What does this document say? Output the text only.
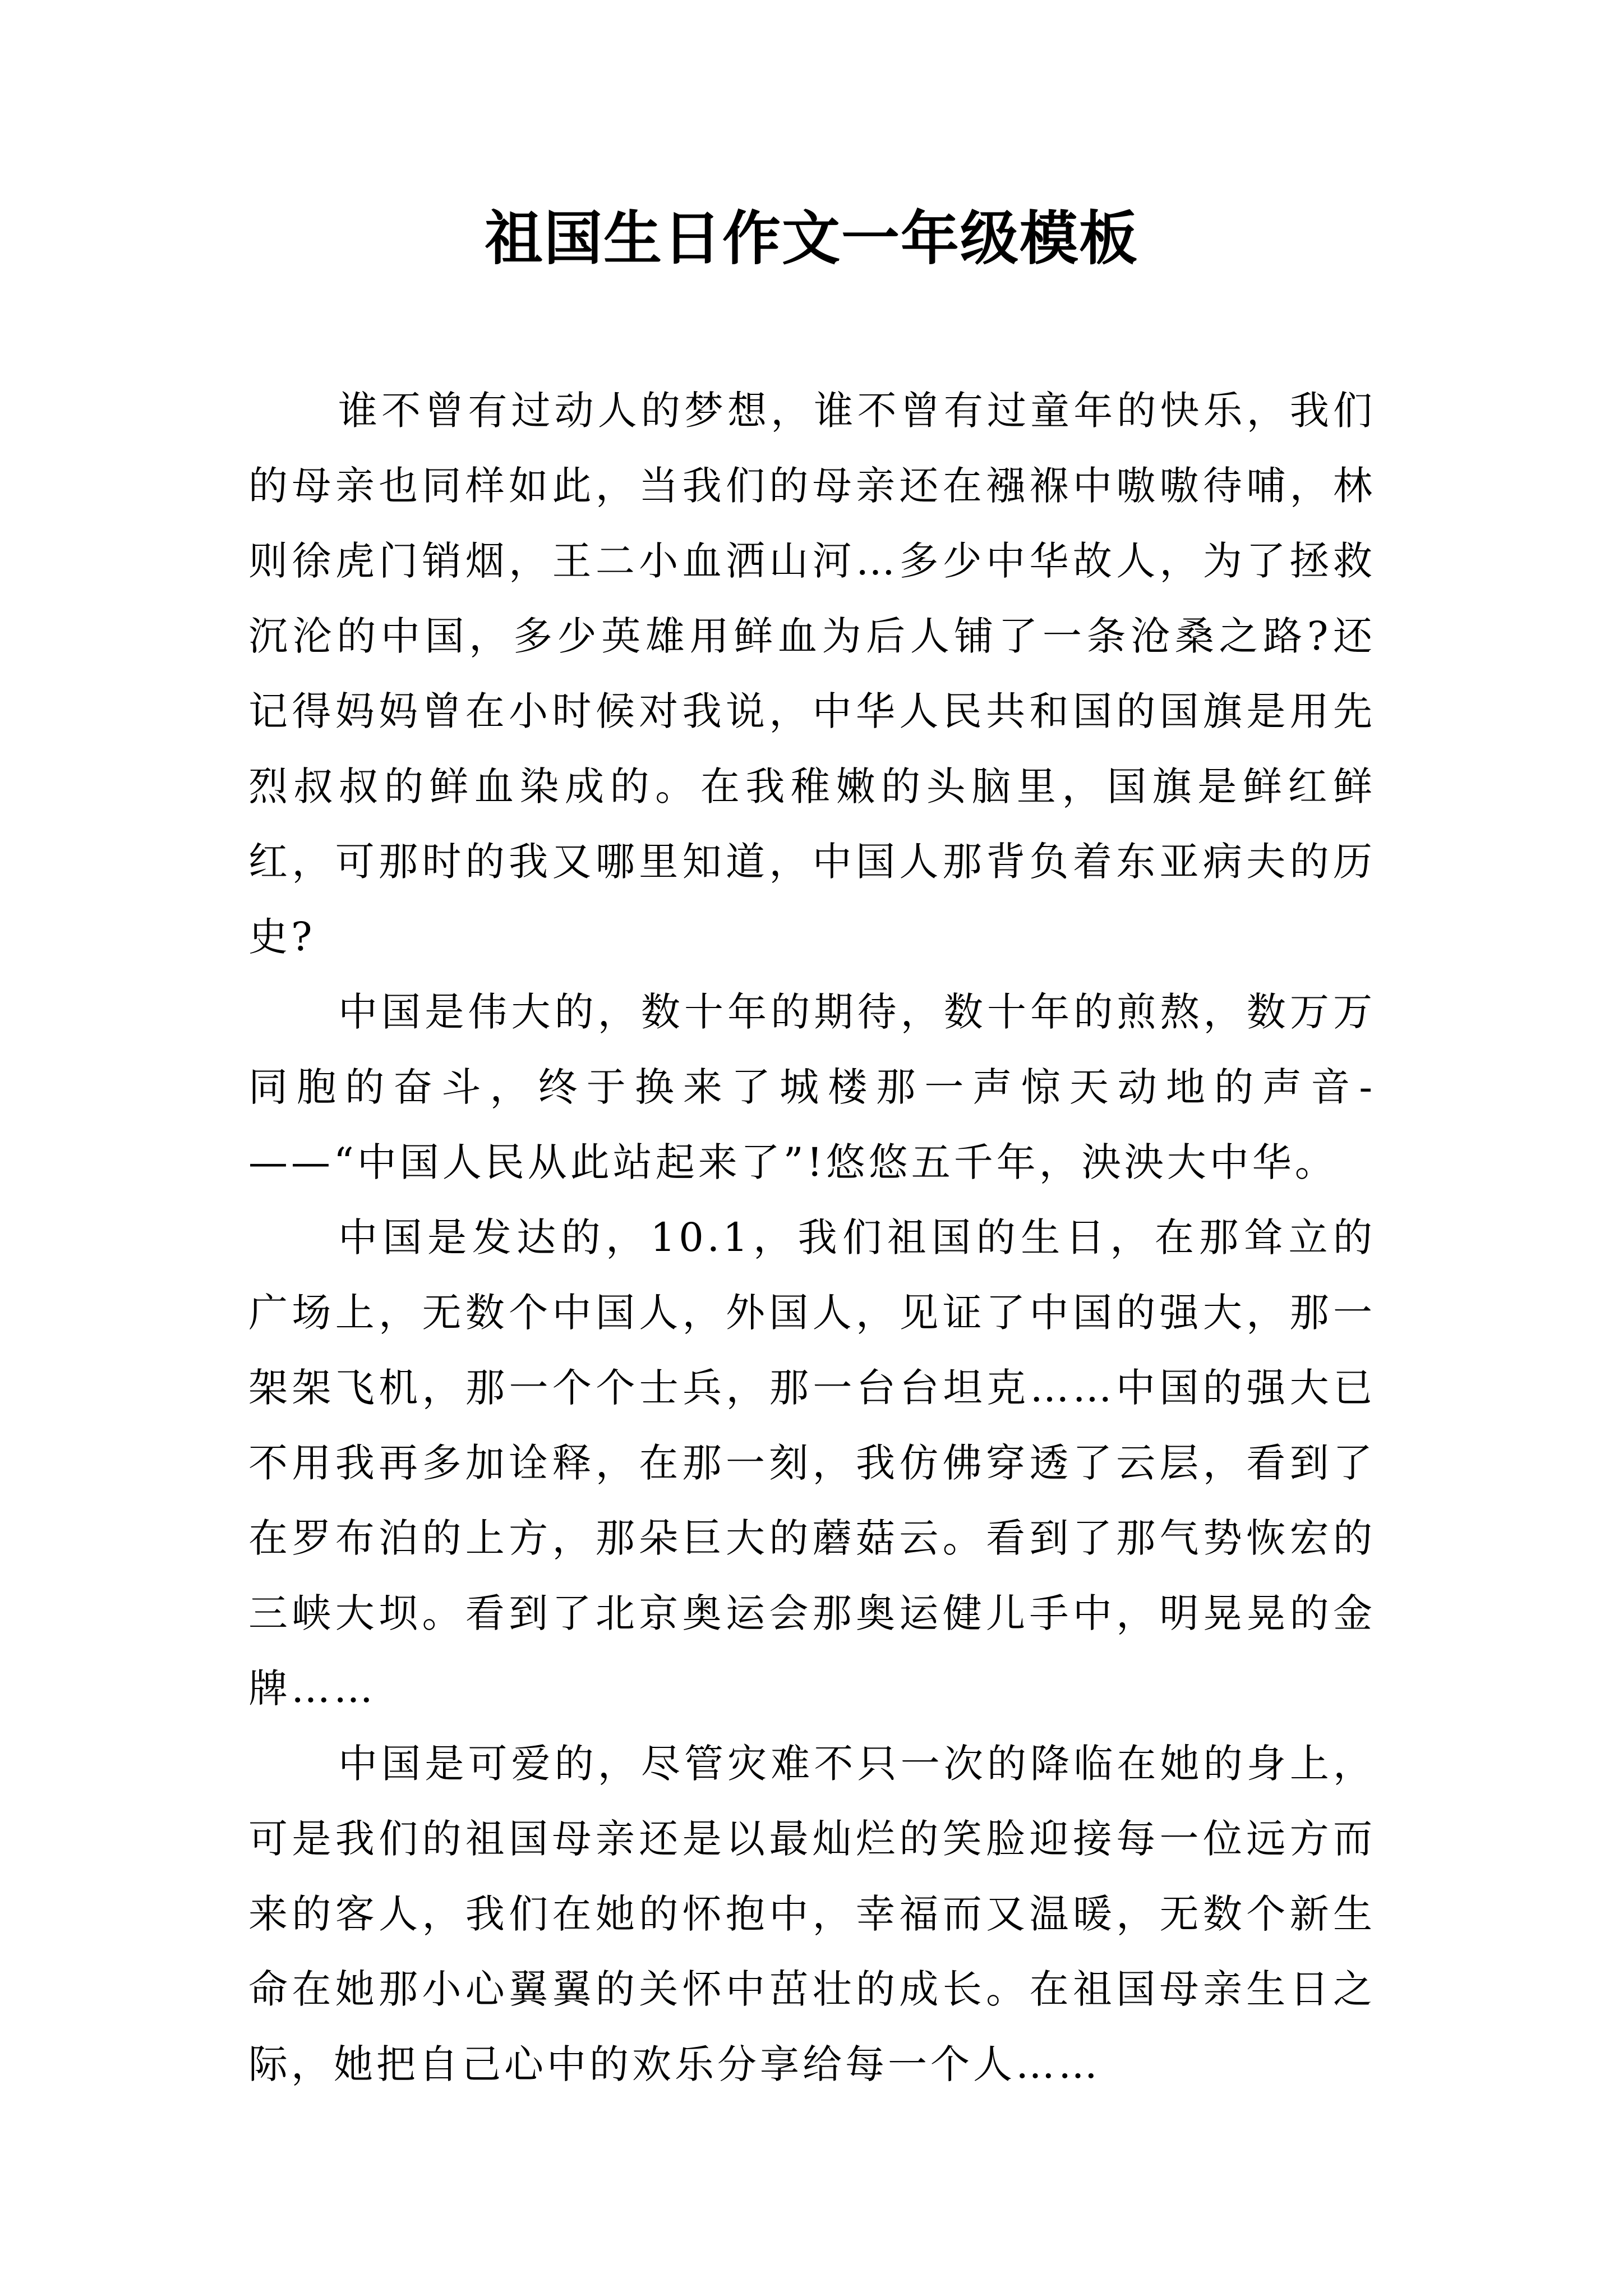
祖国生日作文一年级模板

谁不曾有过动人的梦想，谁不曾有过童年的快乐，我们的母亲也同样如此，当我们的母亲还在襁褓中嗷嗷待哺，林则徐虎门销烟，王二小血洒山河…多少中华故人，为了拯救沉沦的中国，多少英雄用鲜血为后人铺了一条沧桑之路?还记得妈妈曾在小时候对我说，中华人民共和国的国旗是用先烈叔叔的鲜血染成的。在我稚嫩的头脑里，国旗是鲜红鲜红，可那时的我又哪里知道，中国人那背负着东亚病夫的历史?

中国是伟大的，数十年的期待，数十年的煎熬，数万万同胞的奋斗，终于换来了城楼那一声惊天动地的声音-——“中国人民从此站起来了”!悠悠五千年，泱泱大中华。

中国是发达的，10.1，我们祖国的生日，在那耸立的广场上，无数个中国人，外国人，见证了中国的强大，那一架架飞机，那一个个士兵，那一台台坦克……中国的强大已不用我再多加诠释，在那一刻，我仿佛穿透了云层，看到了在罗布泊的上方，那朵巨大的蘑菇云。看到了那气势恢宏的三峡大坝。看到了北京奥运会那奥运健儿手中，明晃晃的金牌……

中国是可爱的，尽管灾难不只一次的降临在她的身上，可是我们的祖国母亲还是以最灿烂的笑脸迎接每一位远方而来的客人，我们在她的怀抱中，幸福而又温暖，无数个新生命在她那小心翼翼的关怀中茁壮的成长。在祖国母亲生日之际，她把自己心中的欢乐分享给每一个人……
